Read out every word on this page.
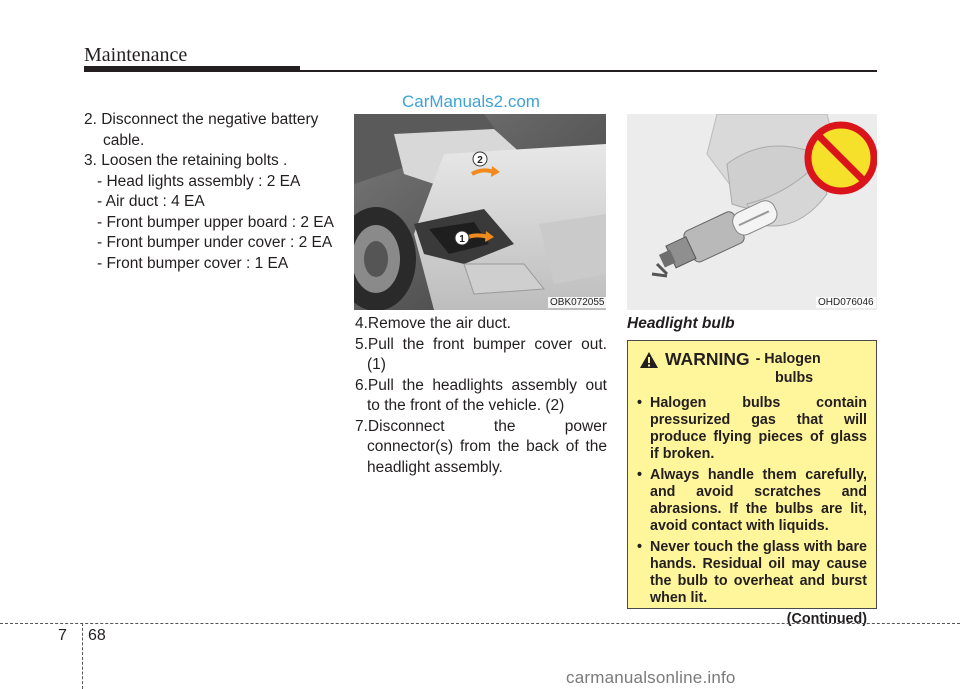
Maintenance
CarManuals2.com

2. Disconnect the negative battery

cable.

3. Loosen the retaining bolts .

- Head lights assembly : 2 EA

- Air duct : 4 EA

- Front bumper upper board : 2 EA

- Front bumper under cover : 2 EA

- Front bumper cover : 1 EA

2
1
OBK072055	OHD076046

4.Remove the air duct.

5.Pull the front bumper cover out. (1)

6.Pull the headlights assembly out to the front of the vehicle. (2)

7.Disconnect the power connector(s) from the back of the headlight assembly.

Headlight bulb
WARNING - Halogen
bulbs
• Halogen bulbs contain pressurized gas that will produce flying pieces of glass if broken.
• Always handle them carefully, and avoid scratches and abrasions. If the bulbs are lit, avoid contact with liquids.
• Never touch the glass with bare hands. Residual oil may cause the bulb to overheat and burst when lit.
(Continued)
7 68
carmanualsonline.info
